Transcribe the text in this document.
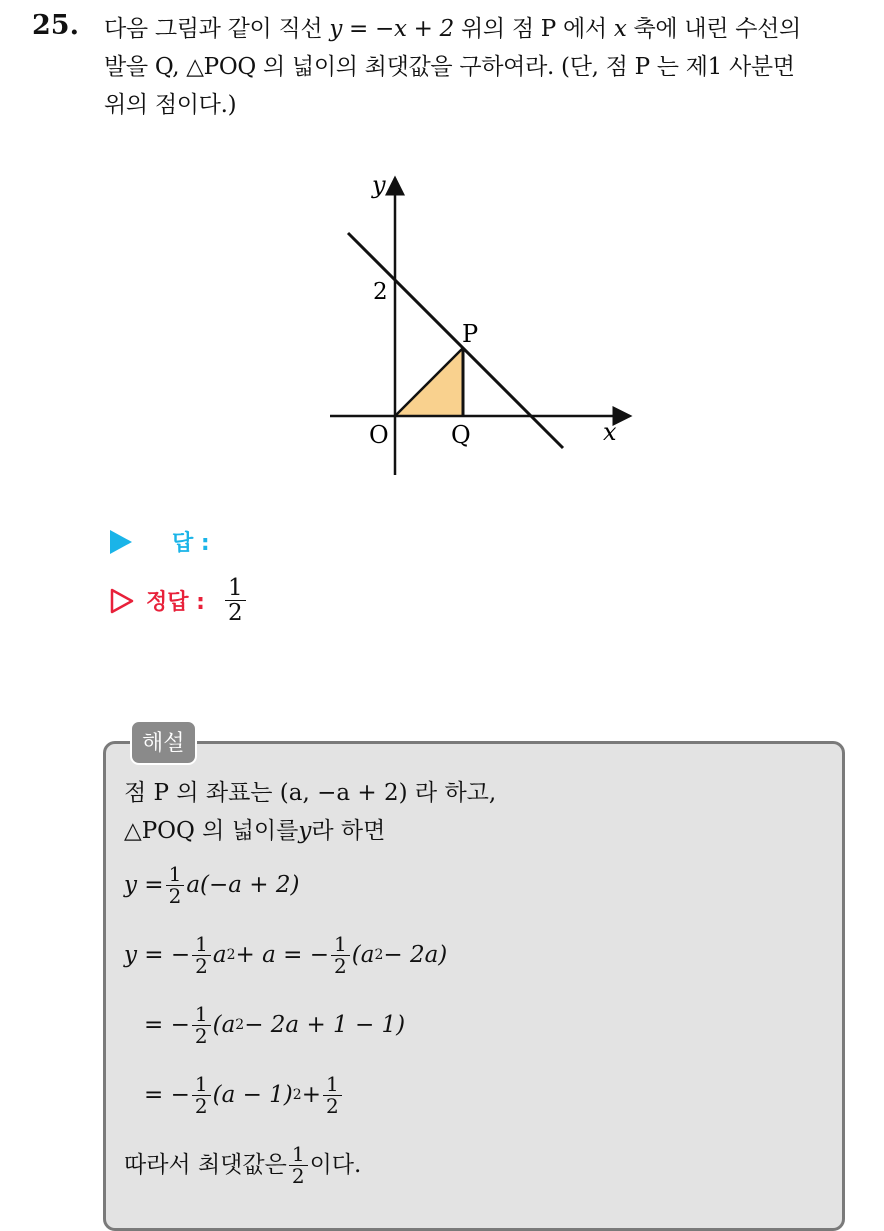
25. 다음 그림과 같이 직선 y = −x + 2 위의 점 P 에서 x 축에 내린 수선의
발을 Q, △POQ 의 넓이의 최댓값을 구하여라. (단, 점 P 는 제1 사분면
위의 점이다.)
y
x
2
O
P
Q
답 :
정답 : $\frac{1}{2}$
해설
점 P 의 좌표는 (a, −a + 2) 라 하고,
△POQ 의 넓이를 y 라 하면
$y = \frac{1}{2} a(-a + 2)$
y = − $\frac{1}{2}$ a 2 + a = − $\frac{1}{2} (a$ 2 − 2a)
= − $\frac{1}{2} (a$ 2 − 2a + 1 − 1)
= − $\frac{1}{2} (a - 1) 2 + \frac{1}{2}$
따라서 최댓값은 $\frac{1}{2}$ 이다.
